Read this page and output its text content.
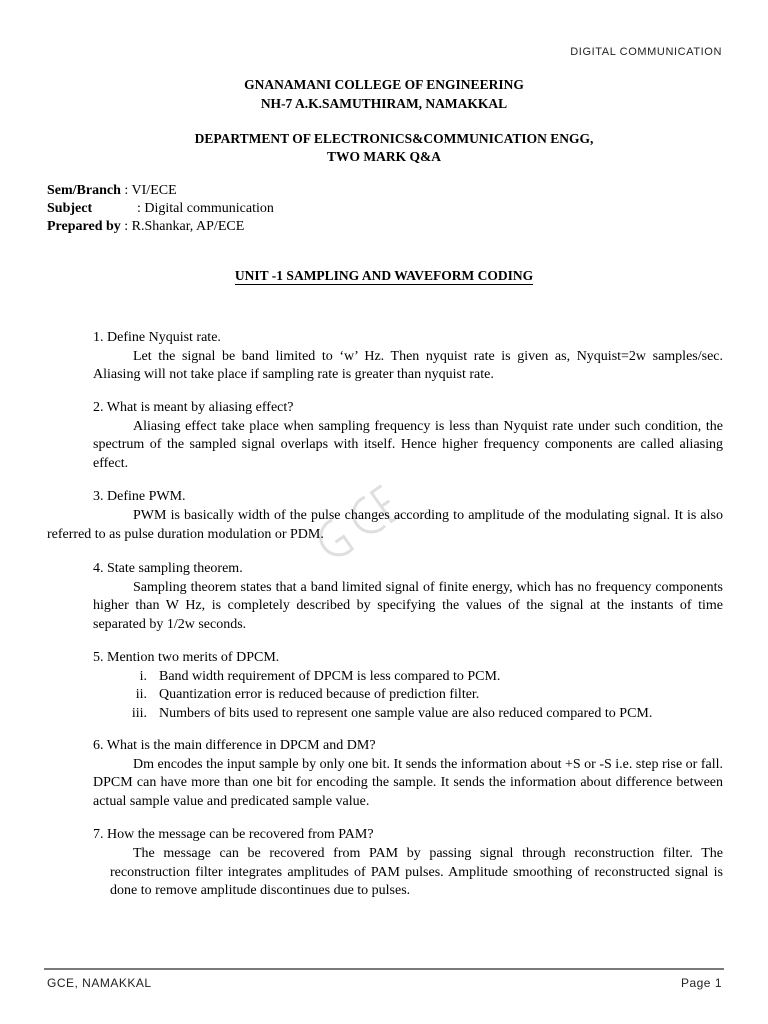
DIGITAL COMMUNICATION
GNANAMANI COLLEGE OF ENGINEERING
NH-7 A.K.SAMUTHIRAM, NAMAKKAL
DEPARTMENT OF ELECTRONICS&COMMUNICATION ENGG,
TWO MARK Q&A
Sem/Branch : VI/ECE
Subject	: Digital communication
Prepared by : R.Shankar, AP/ECE
UNIT -1 SAMPLING AND WAVEFORM CODING

1. Define Nyquist rate.

Let the signal be band limited to ‘w’ Hz. Then nyquist rate is given as, Nyquist=2w samples/sec. Aliasing will not take place if sampling rate is greater than nyquist rate.

2. What is meant by aliasing effect?

Aliasing effect take place when sampling frequency is less than Nyquist rate under such condition, the spectrum of the sampled signal overlaps with itself. Hence higher frequency components are called aliasing effect.

3. Define PWM.

PWM is basically width of the pulse changes according to amplitude of the modulating signal. It is also referred to as pulse duration modulation or PDM.

4. State sampling theorem.

Sampling theorem states that a band limited signal of finite energy, which has no frequency components higher than W Hz, is completely described by specifying the values of the signal at the instants of time separated by 1/2w seconds.

5. Mention two merits of DPCM.

i. Band width requirement of DPCM is less compared to PCM.
ii. Quantization error is reduced because of prediction filter.
iii. Numbers of bits used to represent one sample value are also reduced compared to PCM.

6. What is the main difference in DPCM and DM?

Dm encodes the input sample by only one bit. It sends the information about +S or -S i.e. step rise or fall. DPCM can have more than one bit for encoding the sample. It sends the information about difference between actual sample value and predicated sample value.

7. How the message can be recovered from PAM?

The message can be recovered from PAM by passing signal through reconstruction filter. The reconstruction filter integrates amplitudes of PAM pulses. Amplitude smoothing of reconstructed signal is done to remove amplitude discontinues due to pulses.

GCE, NAMAKKAL	Page 1
